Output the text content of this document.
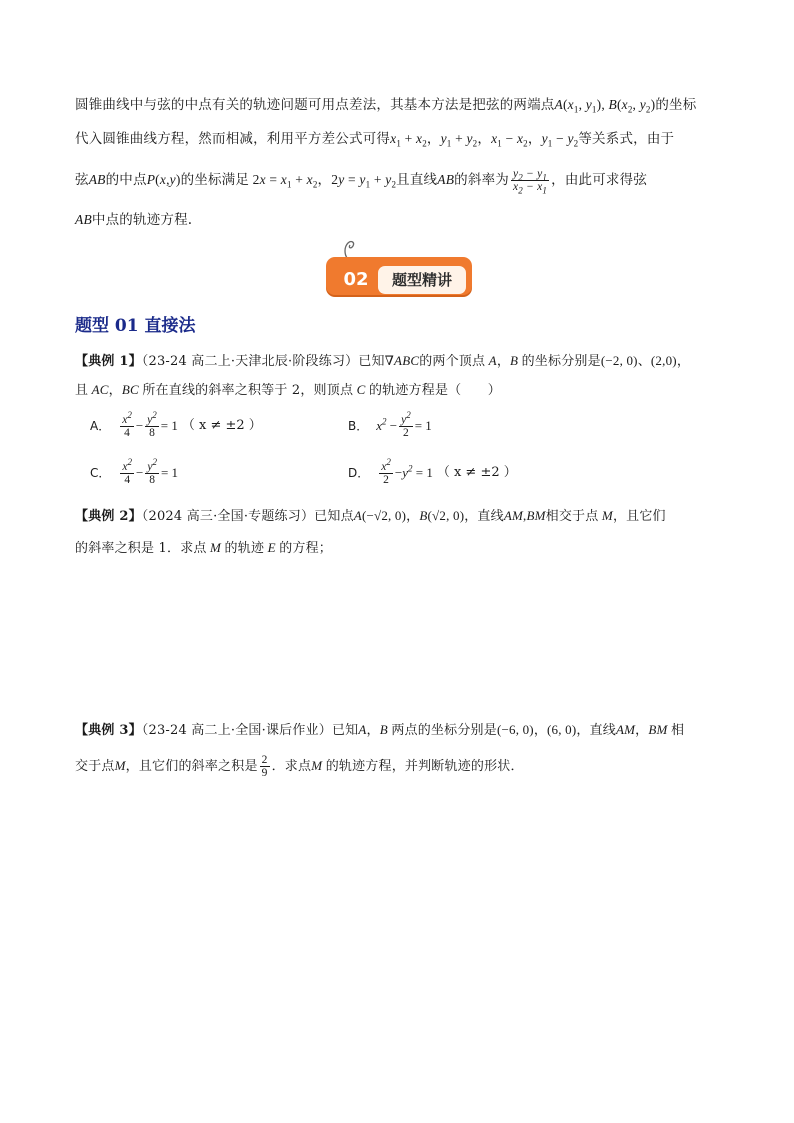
圆锥曲线中与弦的中点有关的轨迹问题可用点差法，其基本方法是把弦的两端点$A(x_1$, $y_1$), $B(x_2$, $y_2$)的坐标
代入圆锥曲线方程，然而相减，利用平方差公式可得$x_1 + x_2$，$y_1 + y_2$，$x_1 - x_2$，$y_1 - y_2$等关系式，由于
弦AB的中点P(x,y)的坐标满足 $2x = x_1 + x_2$，$2y = y_1 + y_2$且直线AB的斜率为 $\frac{y_2 - y_1}{x_2 - x_1}$ ，由此可求得弦
AB中点的轨迹方程.
02	题型精讲
题型 01 直接法
【典例 1】（23-24 高二上·天津北辰·阶段练习）已知∇ABC的两个顶点 A，B 的坐标分别是(−2, 0)、(2,0)，
且 AC，BC 所在直线的斜率之积等于 2，则顶点 C 的轨迹方程是（　　）
A． $\frac{x^2}{4} - \frac{y^2}{8} = 1$ （ x ≠ ±2 ）	B． $x^2 - \frac{y^2}{2} = 1$
C． $\frac{x^2}{4} - \frac{y^2}{8} = 1$	D． $\frac{x^2}{2} - y^2 = 1$ （ x ≠ ±2 ）
【典例 2】（2024 高三·全国·专题练习）已知点A(−√2, 0)，B(√2, 0)，直线AM,BM相交于点 M，且它们
的斜率之积是 1．求点 M 的轨迹 E 的方程；
【典例 3】（23-24 高二上·全国·课后作业）已知A，B 两点的坐标分别是(−6, 0)，(6, 0)，直线AM，BM 相
交于点M，且它们的斜率之积是 $\frac{2}{9}$ ．求点M 的轨迹方程，并判断轨迹的形状．
